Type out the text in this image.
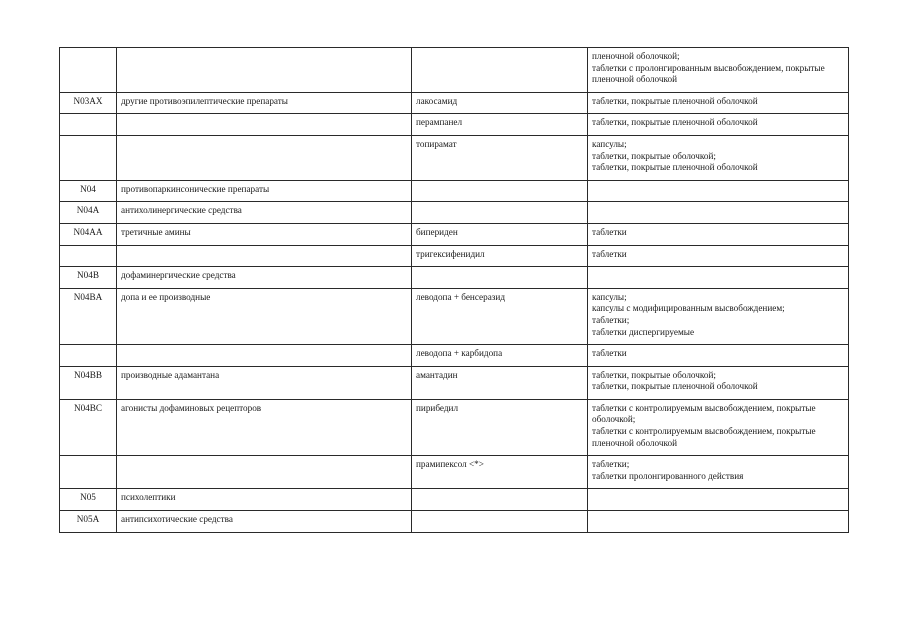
			пленочной оболочкой;
таблетки с пролонгированным высвобождением, покрытые пленочной оболочкой
N03AX	другие противоэпилептические препараты	лакосамид	таблетки, покрытые пленочной оболочкой
		перампанел	таблетки, покрытые пленочной оболочкой
		топирамат	капсулы;
таблетки, покрытые оболочкой;
таблетки, покрытые пленочной оболочкой
N04	противопаркинсонические препараты		
N04A	антихолинергические средства		
N04AA	третичные амины	бипериден	таблетки
		тригексифенидил	таблетки
N04B	дофаминергические средства		
N04BA	допа и ее производные	леводопа + бенсеразид	капсулы;
капсулы с модифицированным высвобождением;
таблетки;
таблетки диспергируемые
		леводопа + карбидопа	таблетки
N04BB	производные адамантана	амантадин	таблетки, покрытые оболочкой;
таблетки, покрытые пленочной оболочкой
N04BC	агонисты дофаминовых рецепторов	пирибедил	таблетки с контролируемым высвобождением, покрытые оболочкой;
таблетки с контролируемым высвобождением, покрытые пленочной оболочкой
		прамипексол <*>	таблетки;
таблетки пролонгированного действия
N05	психолептики		
N05A	антипсихотические средства		
